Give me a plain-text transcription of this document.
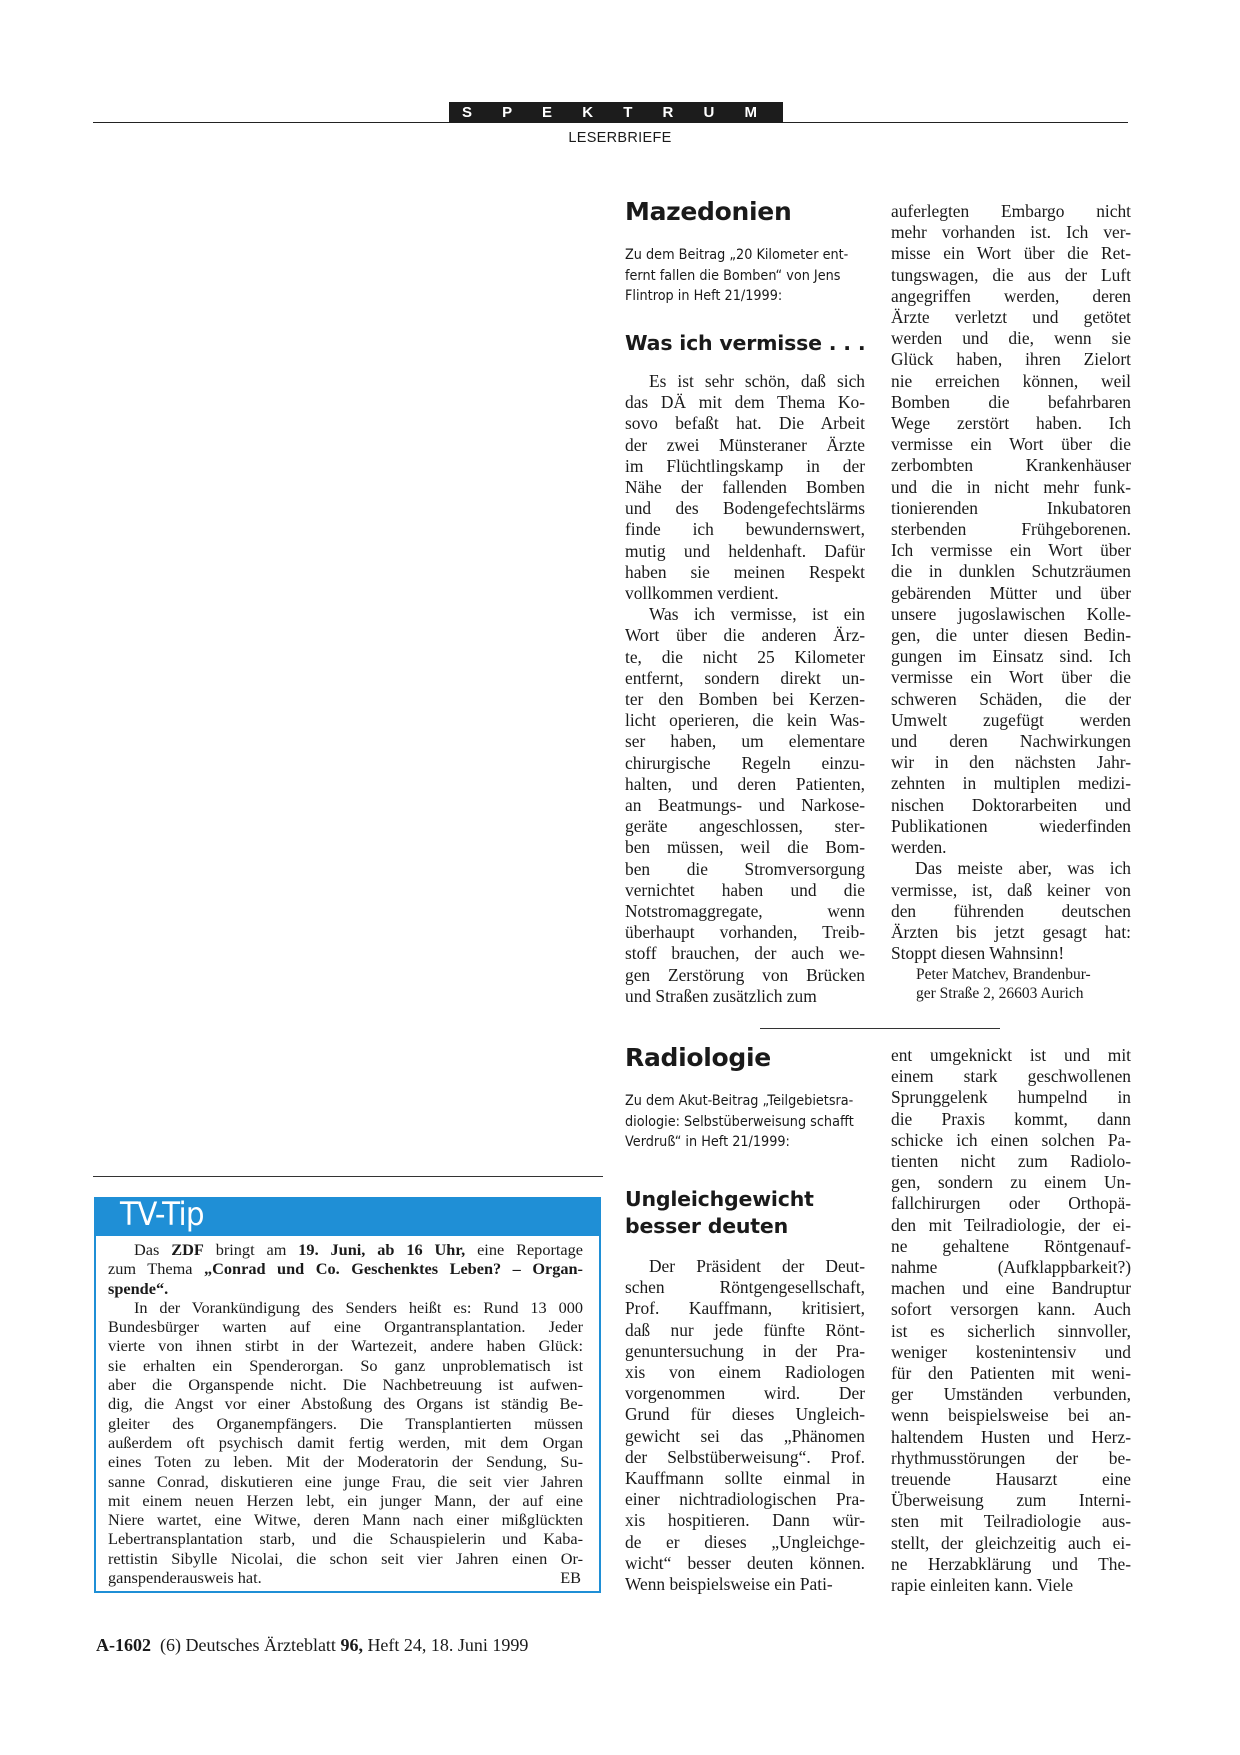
S P E K T R U M
LESERBRIEFE
Mazedonien
Zu dem Beitrag „20 Kilometer ent-
fernt fallen die Bomben“ von Jens
Flintrop in Heft 21/1999:
Was ich vermisse . . .
Es ist sehr schön, daß sich
das DÄ mit dem Thema Ko-
sovo befaßt hat. Die Arbeit
der zwei Münsteraner Ärzte
im Flüchtlingskamp in der
Nähe der fallenden Bomben
und des Bodengefechtslärms
finde ich bewundernswert,
mutig und heldenhaft. Dafür
haben sie meinen Respekt
vollkommen verdient.
Was ich vermisse, ist ein
Wort über die anderen Ärz-
te, die nicht 25 Kilometer
entfernt, sondern direkt un-
ter den Bomben bei Kerzen-
licht operieren, die kein Was-
ser haben, um elementare
chirurgische Regeln einzu-
halten, und deren Patienten,
an Beatmungs- und Narkose-
geräte angeschlossen, ster-
ben müssen, weil die Bom-
ben die Stromversorgung
vernichtet haben und die
Notstromaggregate, wenn
überhaupt vorhanden, Treib-
stoff brauchen, der auch we-
gen Zerstörung von Brücken
und Straßen zusätzlich zum
auferlegten Embargo nicht
mehr vorhanden ist. Ich ver-
misse ein Wort über die Ret-
tungswagen, die aus der Luft
angegriffen werden, deren
Ärzte verletzt und getötet
werden und die, wenn sie
Glück haben, ihren Zielort
nie erreichen können, weil
Bomben die befahrbaren
Wege zerstört haben. Ich
vermisse ein Wort über die
zerbombten Krankenhäuser
und die in nicht mehr funk-
tionierenden Inkubatoren
sterbenden Frühgeborenen.
Ich vermisse ein Wort über
die in dunklen Schutzräumen
gebärenden Mütter und über
unsere jugoslawischen Kolle-
gen, die unter diesen Bedin-
gungen im Einsatz sind. Ich
vermisse ein Wort über die
schweren Schäden, die der
Umwelt zugefügt werden
und deren Nachwirkungen
wir in den nächsten Jahr-
zehnten in multiplen medizi-
nischen Doktorarbeiten und
Publikationen wiederfinden
werden.
Das meiste aber, was ich
vermisse, ist, daß keiner von
den führenden deutschen
Ärzten bis jetzt gesagt hat:
Stoppt diesen Wahnsinn!
Peter Matchev, Brandenbur-
ger Straße 2, 26603 Aurich
Radiologie
Zu dem Akut-Beitrag „Teilgebietsra-
diologie: Selbstüberweisung schafft
Verdruß“ in Heft 21/1999:
Ungleichgewicht
besser deuten
Der Präsident der Deut-
schen Röntgengesellschaft,
Prof. Kauffmann, kritisiert,
daß nur jede fünfte Rönt-
genuntersuchung in der Pra-
xis von einem Radiologen
vorgenommen wird. Der
Grund für dieses Ungleich-
gewicht sei das „Phänomen
der Selbstüberweisung“. Prof.
Kauffmann sollte einmal in
einer nichtradiologischen Pra-
xis hospitieren. Dann wür-
de er dieses „Ungleichge-
wicht“ besser deuten können.
Wenn beispielsweise ein Pati-
ent umgeknickt ist und mit
einem stark geschwollenen
Sprunggelenk humpelnd in
die Praxis kommt, dann
schicke ich einen solchen Pa-
tienten nicht zum Radiolo-
gen, sondern zu einem Un-
fallchirurgen oder Orthopä-
den mit Teilradiologie, der ei-
ne gehaltene Röntgenauf-
nahme (Aufklappbarkeit?)
machen und eine Bandruptur
sofort versorgen kann. Auch
ist es sicherlich sinnvoller,
weniger kostenintensiv und
für den Patienten mit weni-
ger Umständen verbunden,
wenn beispielsweise bei an-
haltendem Husten und Herz-
rhythmusstörungen der be-
treuende Hausarzt eine
Überweisung zum Interni-
sten mit Teilradiologie aus-
stellt, der gleichzeitig auch ei-
ne Herzabklärung und The-
rapie einleiten kann. Viele
TV-Tip
Das ZDF bringt am 19. Juni, ab 16 Uhr, eine Reportage
zum Thema „Conrad und Co. Geschenktes Leben? – Organ-
spende“.
In der Vorankündigung des Senders heißt es: Rund 13 000
Bundesbürger warten auf eine Organtransplantation. Jeder
vierte von ihnen stirbt in der Wartezeit, andere haben Glück:
sie erhalten ein Spenderorgan. So ganz unproblematisch ist
aber die Organspende nicht. Die Nachbetreuung ist aufwen-
dig, die Angst vor einer Abstoßung des Organs ist ständig Be-
gleiter des Organempfängers. Die Transplantierten müssen
außerdem oft psychisch damit fertig werden, mit dem Organ
eines Toten zu leben. Mit der Moderatorin der Sendung, Su-
sanne Conrad, diskutieren eine junge Frau, die seit vier Jahren
mit einem neuen Herzen lebt, ein junger Mann, der auf eine
Niere wartet, eine Witwe, deren Mann nach einer mißglückten
Lebertransplantation starb, und die Schauspielerin und Kaba-
rettistin Sibylle Nicolai, die schon seit vier Jahren einen Or-
ganspenderausweis hat.	EB
A-1602 (6) Deutsches Ärzteblatt 96, Heft 24, 18. Juni 1999
